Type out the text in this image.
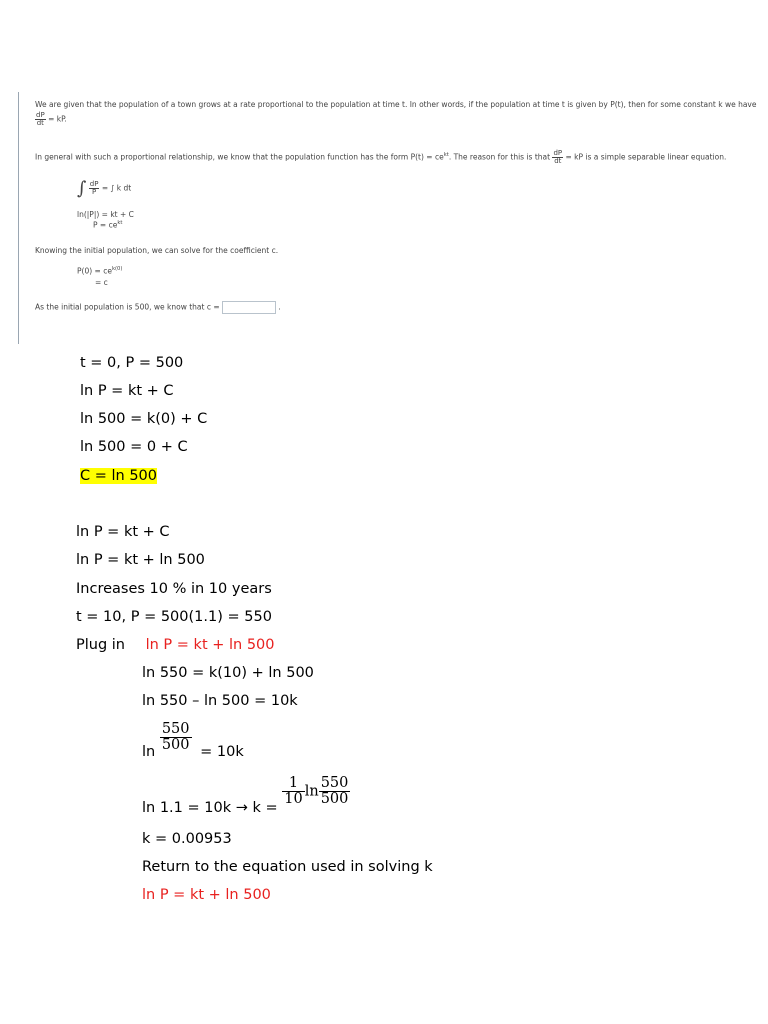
We are given that the population of a town grows at a rate proportional to the population at time t. In other words, if the population at time t is given by P(t), then for some constant k we have
$\frac{dP}{dt}$ = kP.
In general with such a proportional relationship, we know that the population function has the form $P(t) = ce^{kt}$. The reason for this is that $\frac{dP}{dt}$ = kP is a simple separable linear equation.
∫ $\frac{dP}{P}$ = ∫ k dt
ln(|P|) = kt + C
$P = ce^{kt}$
Knowing the initial population, we can solve for the coefficient c.
$P(0) = ce^{k(0)}$
= c
As the initial population is 500, we know that c =	.
t = 0, P = 500
ln P = kt + C
ln 500 = k(0) + C
ln 500 = 0 + C
C = ln 500
ln P = kt + C
ln P = kt + ln 500
Increases 10 % in 10 years
t = 10, P = 500(1.1) = 550
Plug in ln P = kt + ln 500
ln 550 = k(10) + ln 500
ln 550 – ln 500 = 10k
$\ln \frac{550}{500} = 10k$
ln 1.1 = 10k → k =
$\frac{1}{10}$ $\ln \frac{550}{500}$
k = 0.00953
Return to the equation used in solving k
ln P = kt + ln 500
